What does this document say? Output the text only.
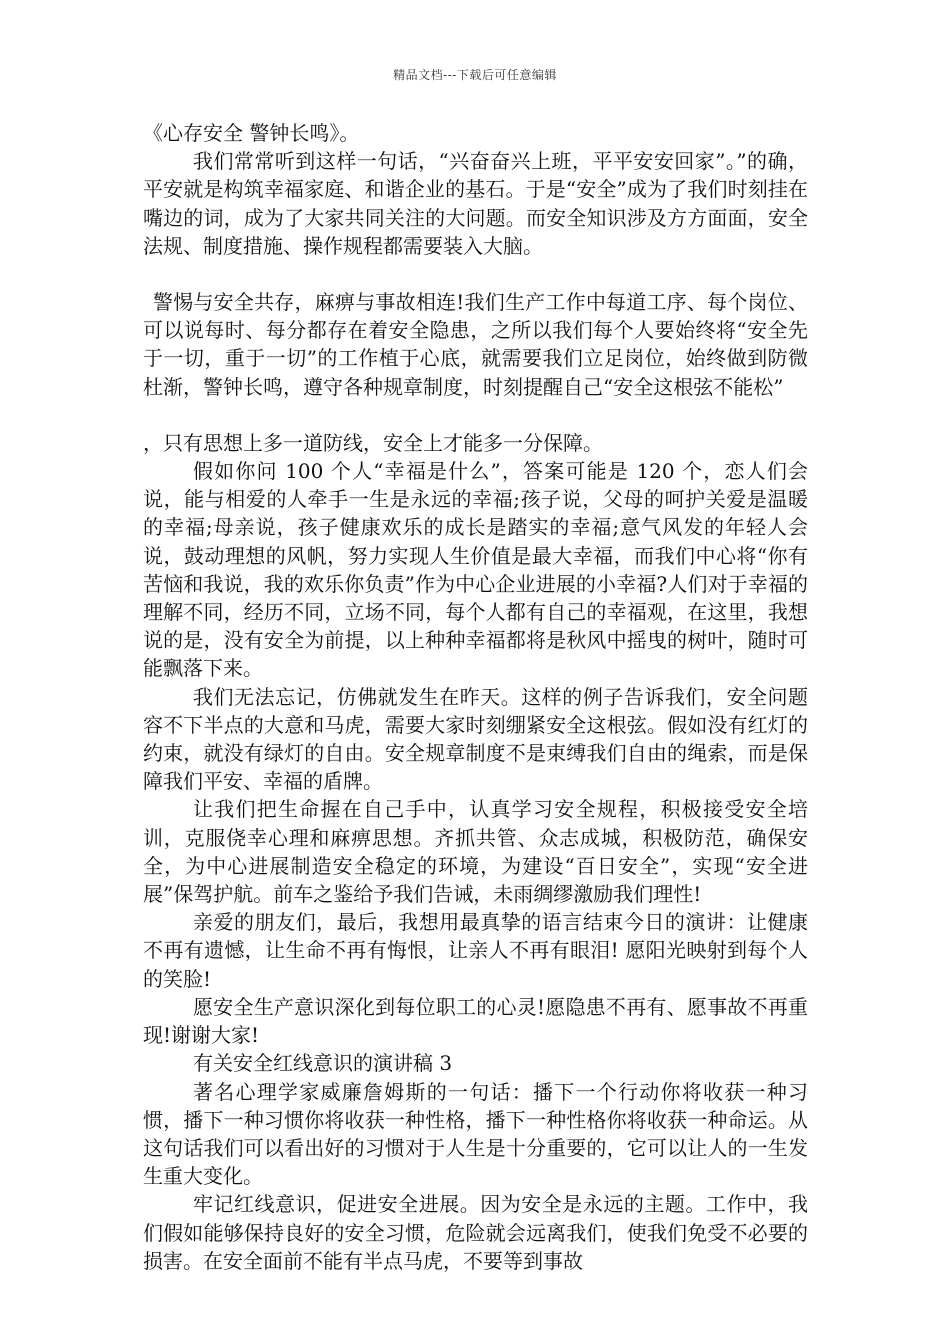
精品文档---下载后可任意编辑

《心存安全 警钟长鸣》。

我们常常听到这样一句话，“兴奋奋兴上班，平平安安回家”。”的确，平安就是构筑幸福家庭、和谐企业的基石。于是“安全”成为了我们时刻挂在嘴边的词，成为了大家共同关注的大问题。而安全知识涉及方方面面，安全法规、制度措施、操作规程都需要装入大脑。

警惕与安全共存，麻痹与事故相连!我们生产工作中每道工序、每个岗位、可以说每时、每分都存在着安全隐患，之所以我们每个人要始终将“安全先于一切，重于一切”的工作植于心底，就需要我们立足岗位，始终做到防微杜渐，警钟长鸣，遵守各种规章制度，时刻提醒自己“安全这根弦不能松”

，只有思想上多一道防线，安全上才能多一分保障。

假如你问 100 个人“幸福是什么”，答案可能是 120 个，恋人们会说，能与相爱的人牵手一生是永远的幸福;孩子说，父母的呵护关爱是温暖的幸福;母亲说，孩子健康欢乐的成长是踏实的幸福;意气风发的年轻人会说，鼓动理想的风帆，努力实现人生价值是最大幸福，而我们中心将“你有苦恼和我说，我的欢乐你负责”作为中心企业进展的小幸福?人们对于幸福的理解不同，经历不同，立场不同，每个人都有自己的幸福观，在这里，我想说的是，没有安全为前提，以上种种幸福都将是秋风中摇曳的树叶，随时可能飘落下来。

我们无法忘记，仿佛就发生在昨天。这样的例子告诉我们，安全问题容不下半点的大意和马虎，需要大家时刻绷紧安全这根弦。假如没有红灯的约束，就没有绿灯的自由。安全规章制度不是束缚我们自由的绳索，而是保障我们平安、幸福的盾牌。

让我们把生命握在自己手中，认真学习安全规程，积极接受安全培训，克服侥幸心理和麻痹思想。齐抓共管、众志成城，积极防范，确保安全，为中心进展制造安全稳定的环境，为建设“百日安全”，实现“安全进展”保驾护航。前车之鉴给予我们告诫，未雨绸缪激励我们理性!

亲爱的朋友们，最后，我想用最真挚的语言结束今日的演讲：让健康不再有遗憾，让生命不再有悔恨，让亲人不再有眼泪! 愿阳光映射到每个人的笑脸!

愿安全生产意识深化到每位职工的心灵!愿隐患不再有、愿事故不再重现!谢谢大家!

有关安全红线意识的演讲稿 3

著名心理学家威廉詹姆斯的一句话：播下一个行动你将收获一种习惯，播下一种习惯你将收获一种性格，播下一种性格你将收获一种命运。从这句话我们可以看出好的习惯对于人生是十分重要的，它可以让人的一生发生重大变化。

牢记红线意识，促进安全进展。因为安全是永远的主题。工作中，我们假如能够保持良好的安全习惯，危险就会远离我们，使我们免受不必要的损害。在安全面前不能有半点马虎，不要等到事故
